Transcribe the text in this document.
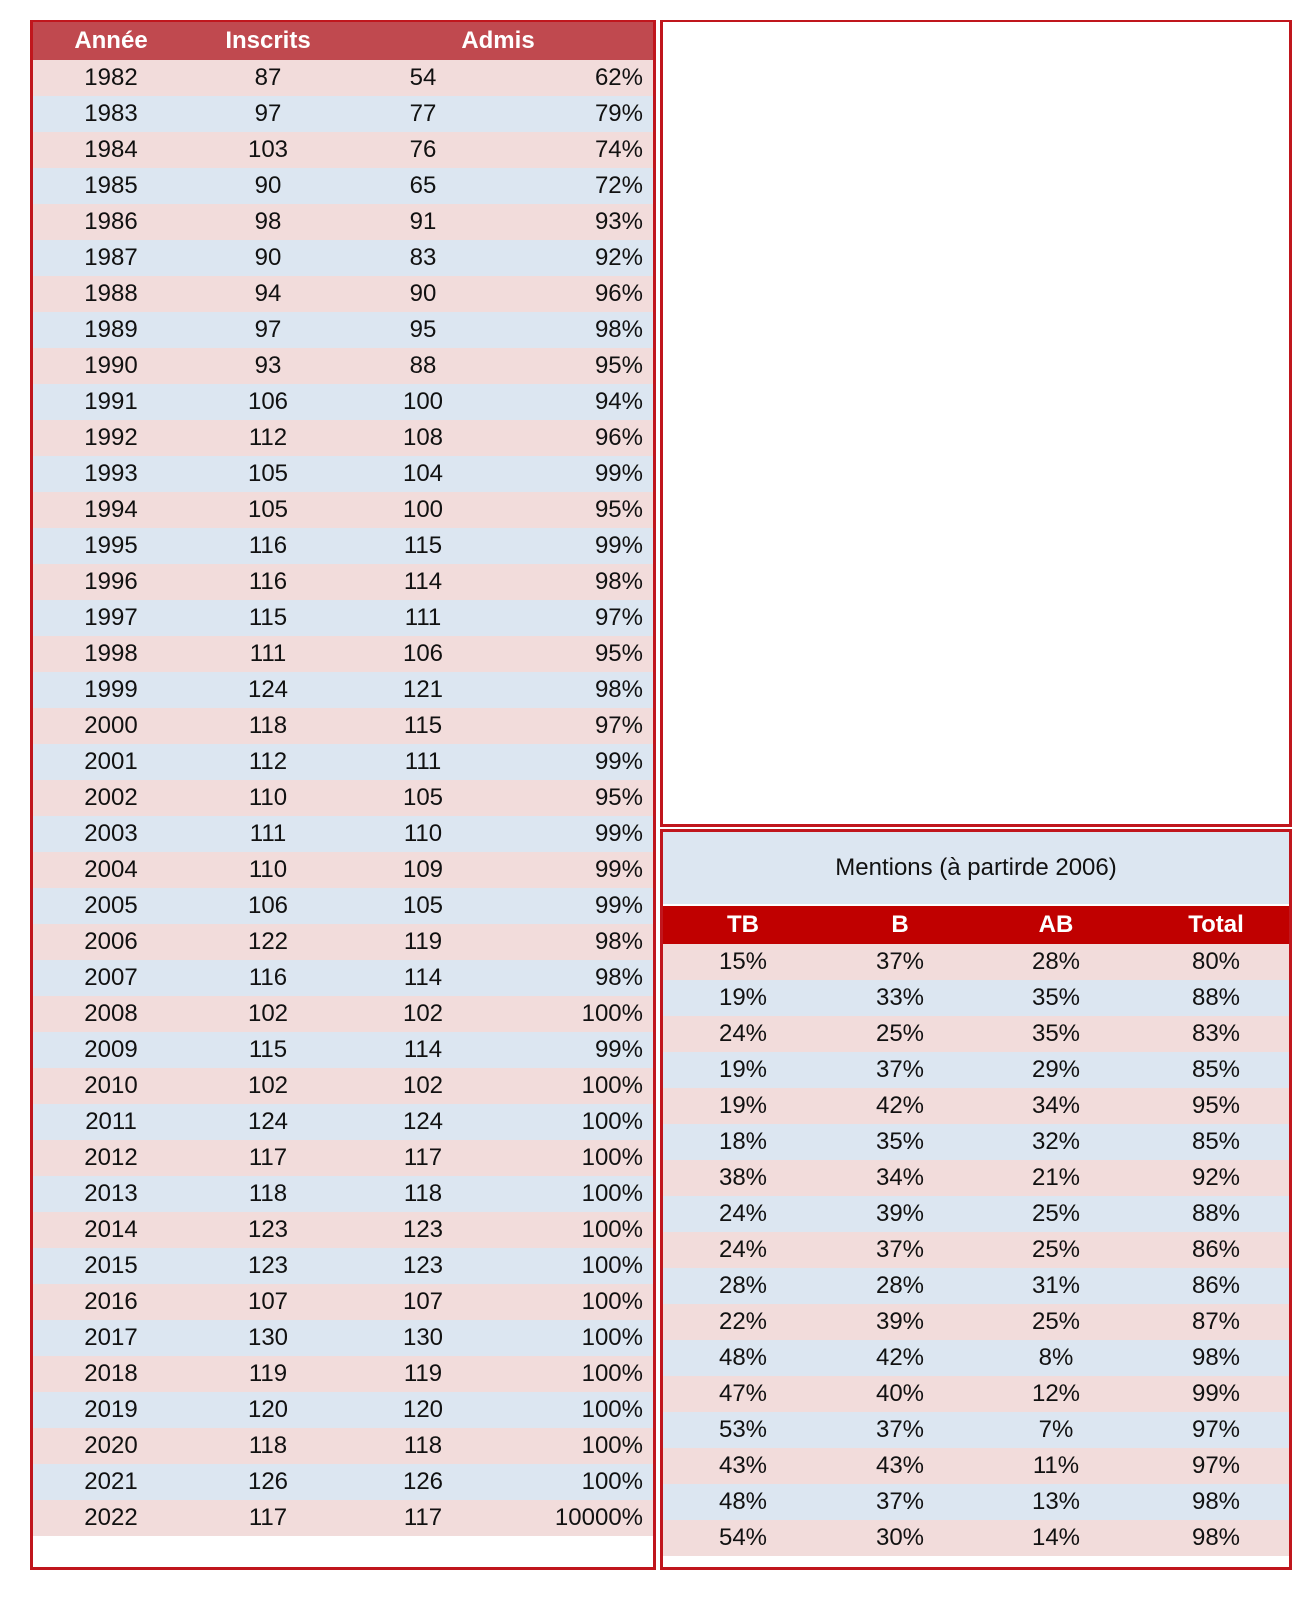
Année	Inscrits	Admis
1982	87	54	62%
1983	97	77	79%
1984	103	76	74%
1985	90	65	72%
1986	98	91	93%
1987	90	83	92%
1988	94	90	96%
1989	97	95	98%
1990	93	88	95%
1991	106	100	94%
1992	112	108	96%
1993	105	104	99%
1994	105	100	95%
1995	116	115	99%
1996	116	114	98%
1997	115	111	97%
1998	111	106	95%
1999	124	121	98%
2000	118	115	97%
2001	112	111	99%
2002	110	105	95%
2003	111	110	99%
2004	110	109	99%
2005	106	105	99%
2006	122	119	98%
2007	116	114	98%
2008	102	102	100%
2009	115	114	99%
2010	102	102	100%
2011	124	124	100%
2012	117	117	100%
2013	118	118	100%
2014	123	123	100%
2015	123	123	100%
2016	107	107	100%
2017	130	130	100%
2018	119	119	100%
2019	120	120	100%
2020	118	118	100%
2021	126	126	100%
2022	117	117	10000%
Mentions (à partirde 2006)
TB	B	AB	Total
15%	37%	28%	80%
19%	33%	35%	88%
24%	25%	35%	83%
19%	37%	29%	85%
19%	42%	34%	95%
18%	35%	32%	85%
38%	34%	21%	92%
24%	39%	25%	88%
24%	37%	25%	86%
28%	28%	31%	86%
22%	39%	25%	87%
48%	42%	8%	98%
47%	40%	12%	99%
53%	37%	7%	97%
43%	43%	11%	97%
48%	37%	13%	98%
54%	30%	14%	98%
